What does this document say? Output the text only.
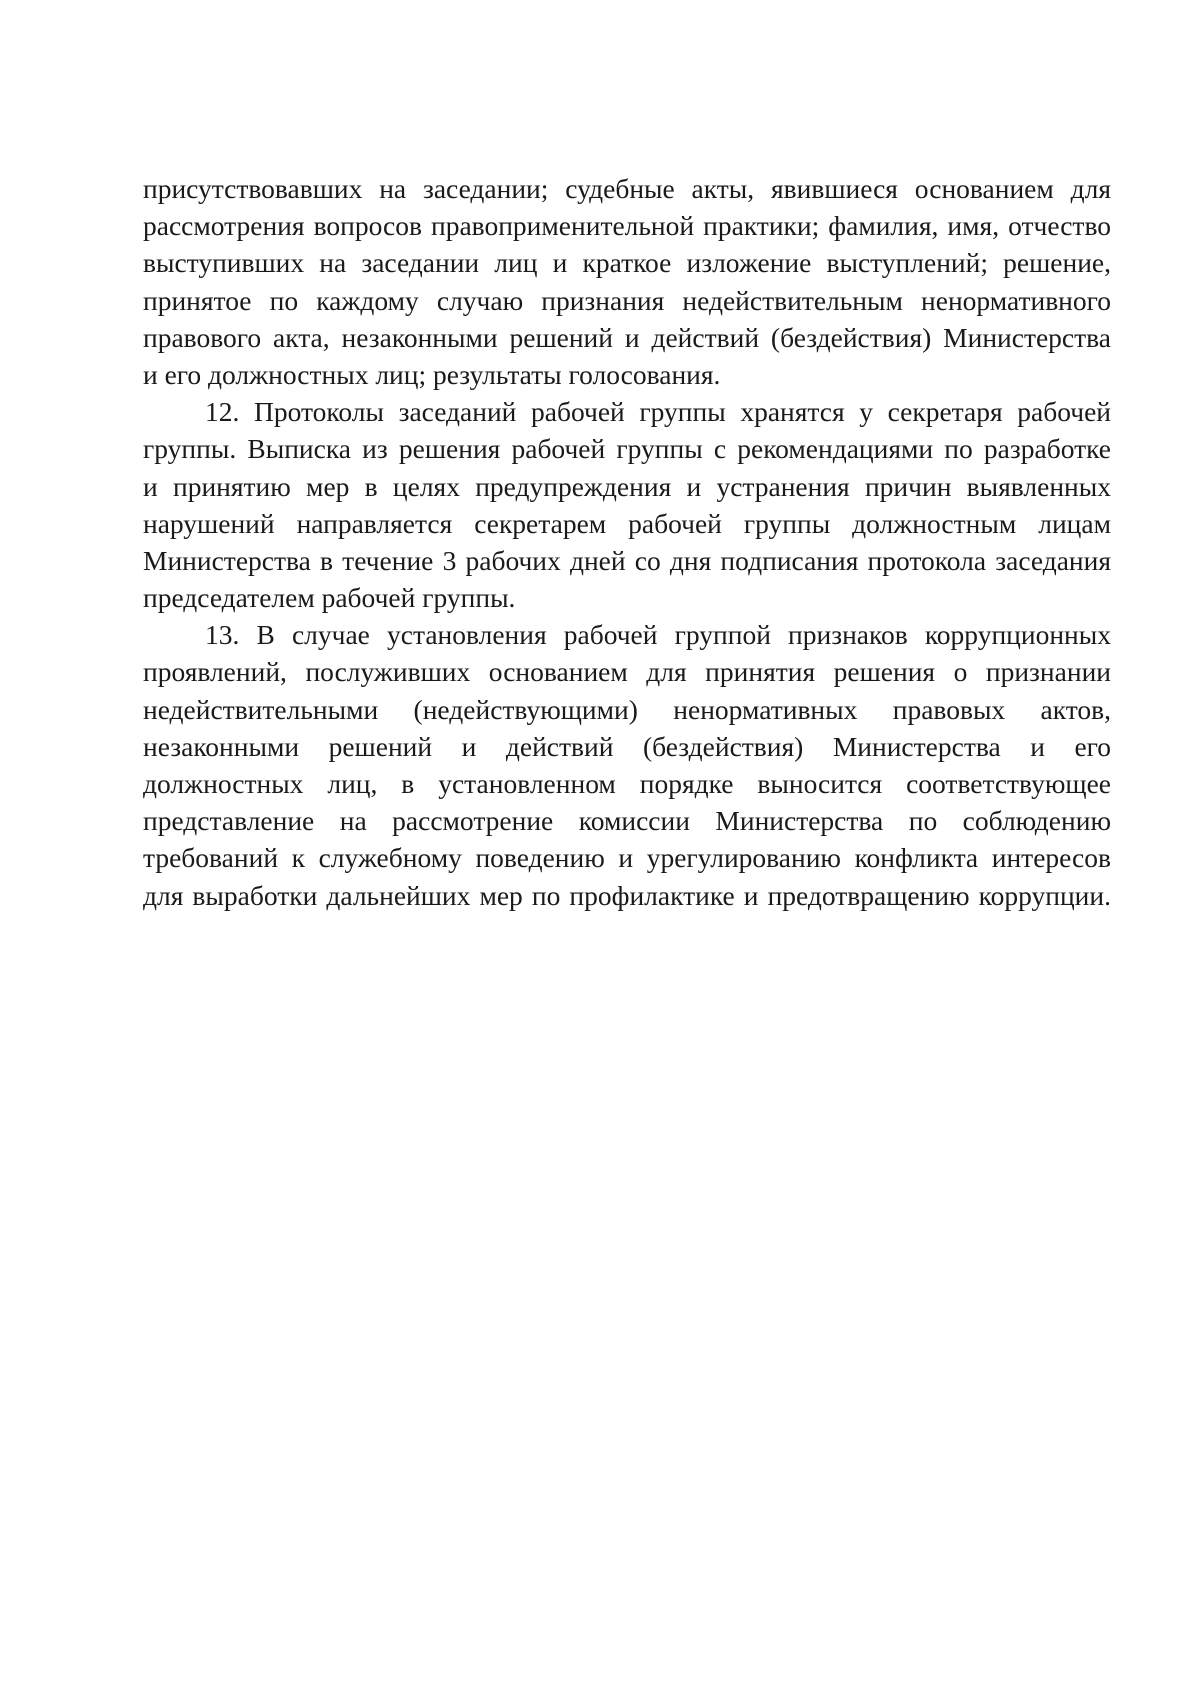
присутствовавших на заседании; судебные акты, явившиеся основанием для
рассмотрения вопросов правоприменительной практики; фамилия, имя, отчество
выступивших на заседании лиц и краткое изложение выступлений; решение,
принятое по каждому случаю признания недействительным ненормативного
правового акта, незаконными решений и действий (бездействия) Министерства
и его должностных лиц; результаты голосования.
12. Протоколы заседаний рабочей группы хранятся у секретаря рабочей
группы. Выписка из решения рабочей группы с рекомендациями по разработке
и принятию мер в целях предупреждения и устранения причин выявленных
нарушений направляется секретарем рабочей группы должностным лицам
Министерства в течение 3 рабочих дней со дня подписания протокола заседания
председателем рабочей группы.
13. В случае установления рабочей группой признаков коррупционных
проявлений, послуживших основанием для принятия решения о признании
недействительными (недействующими) ненормативных правовых актов,
незаконными решений и действий (бездействия) Министерства и его
должностных лиц, в установленном порядке выносится соответствующее
представление на рассмотрение комиссии Министерства по соблюдению
требований к служебному поведению и урегулированию конфликта интересов
для выработки дальнейших мер по профилактике и предотвращению коррупции.
